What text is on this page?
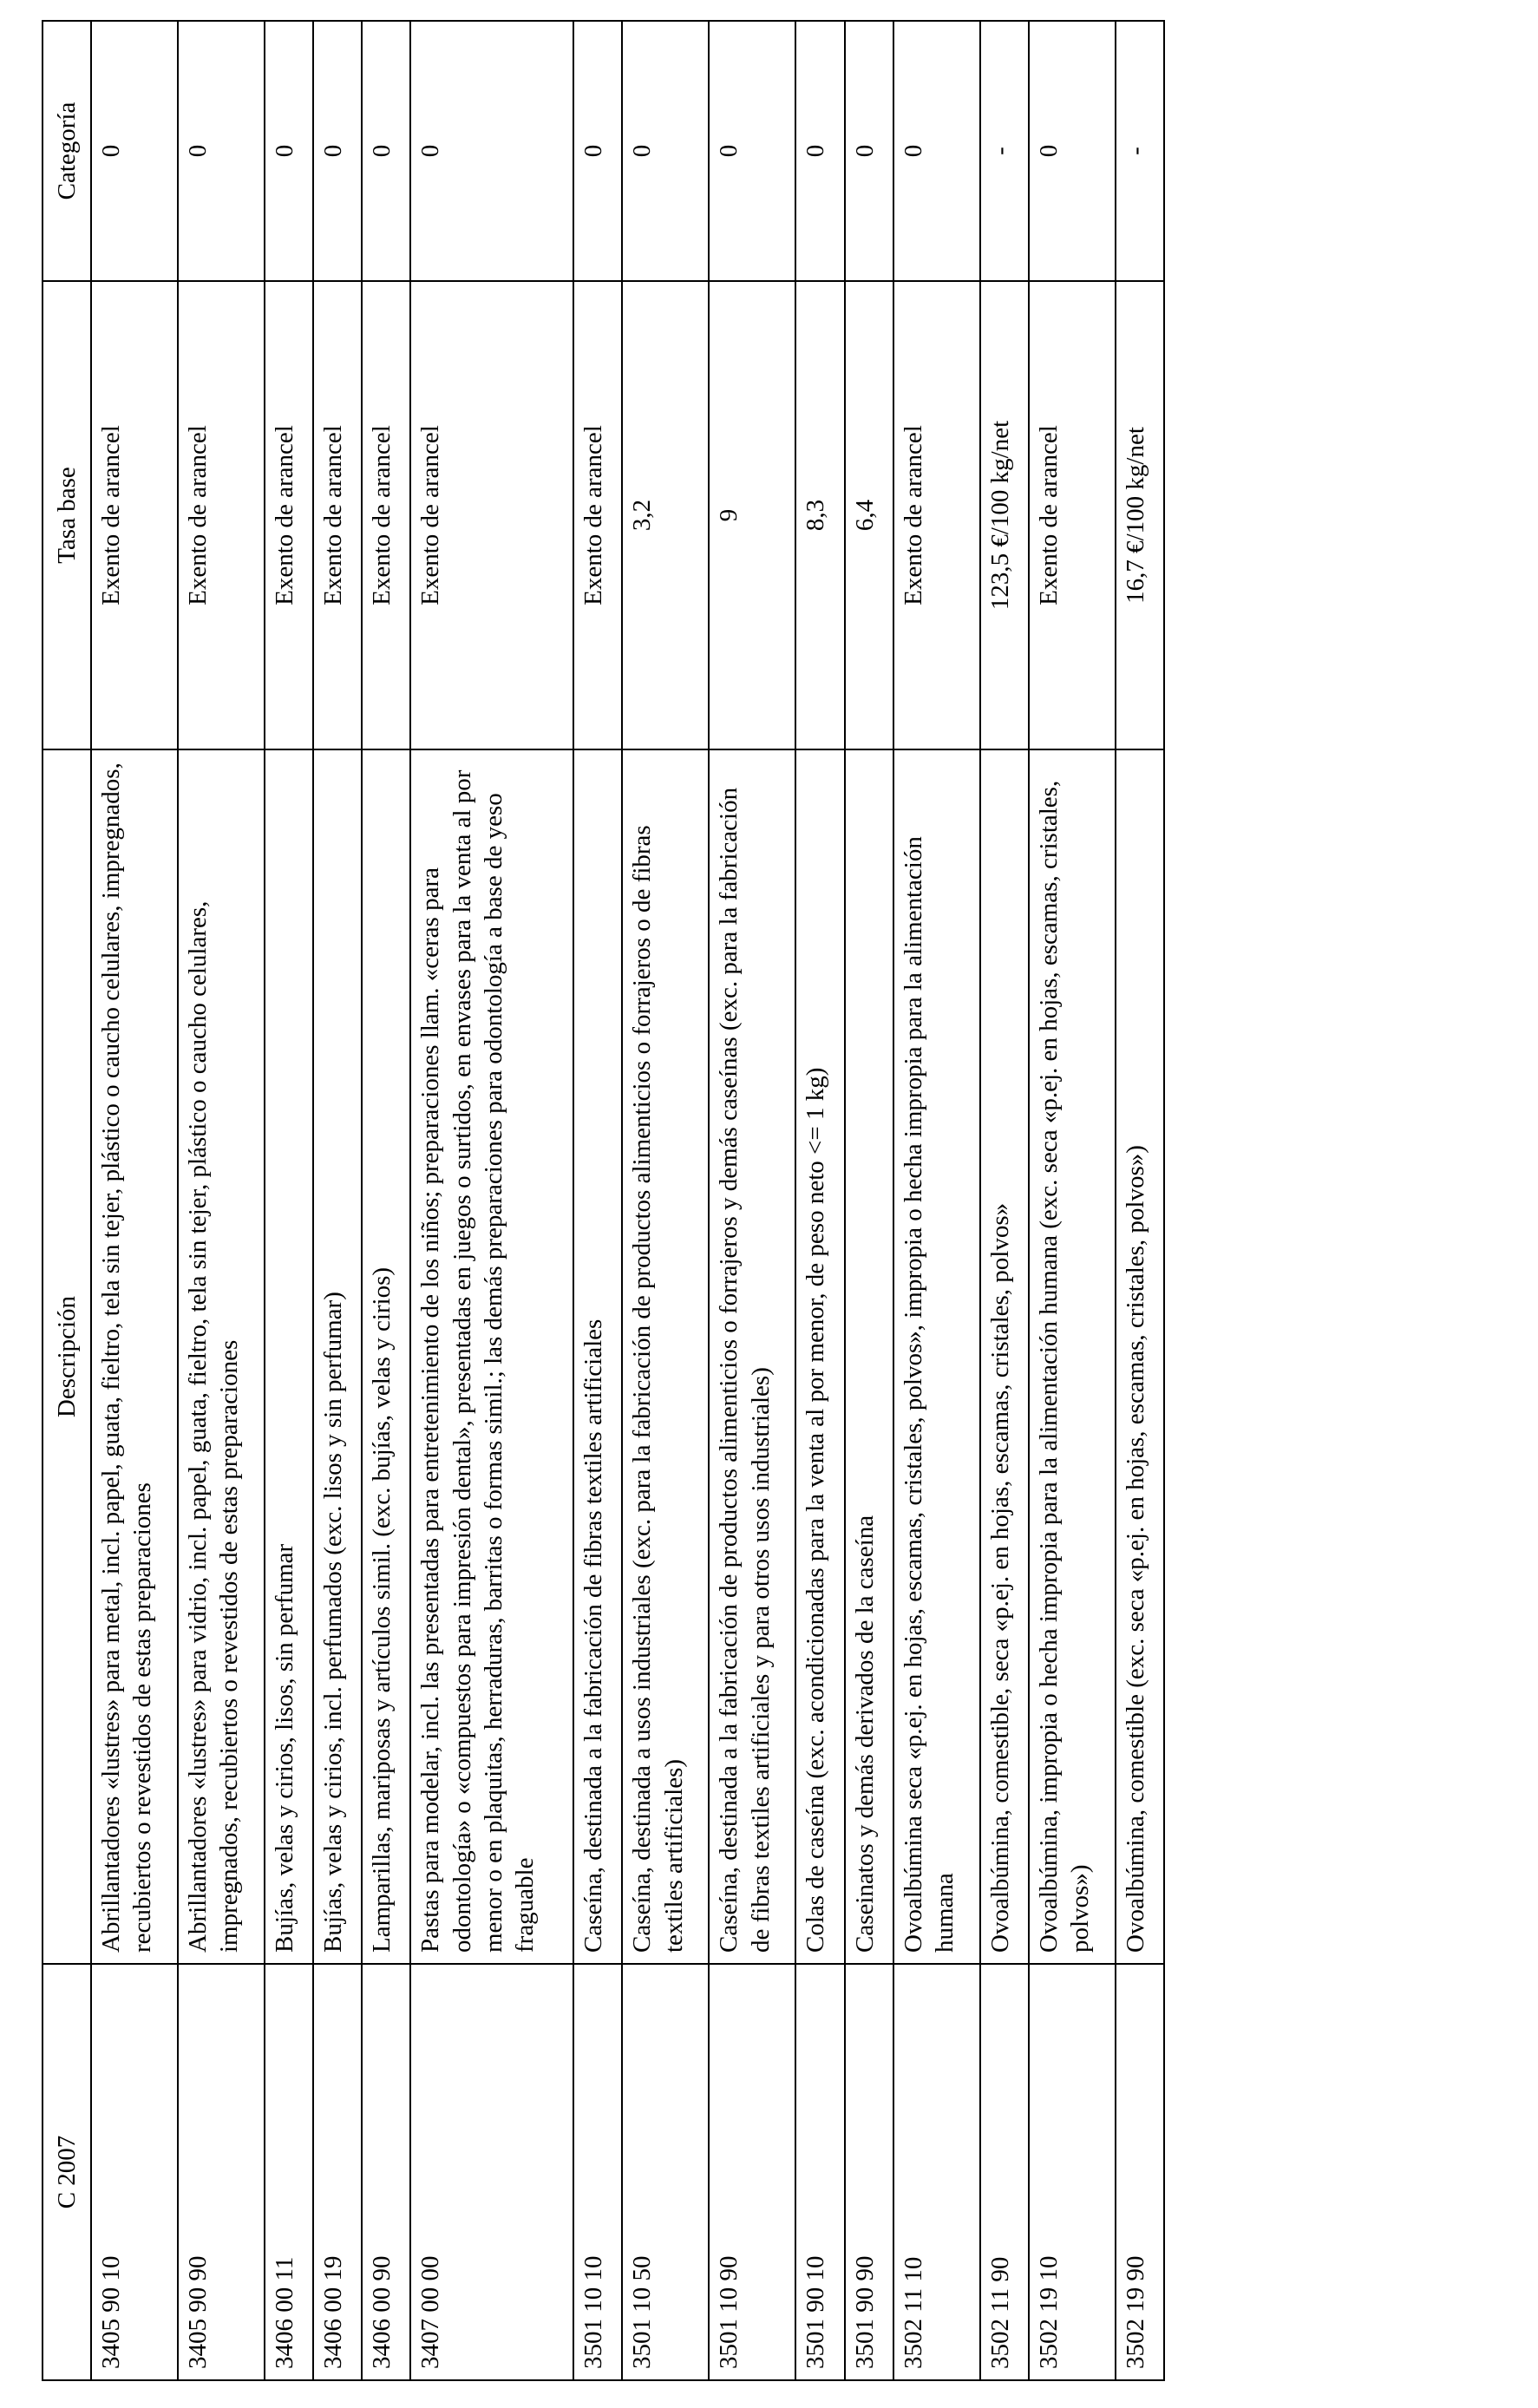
C 2007	Descripción	Tasa base	Categoría
3405 90 10	Abrillantadores «lustres» para metal, incl. papel, guata, fieltro, tela sin tejer, plástico o caucho celulares, impregnados, recubiertos o revestidos de estas preparaciones	Exento de arancel	0
3405 90 90	Abrillantadores «lustres» para vidrio, incl. papel, guata, fieltro, tela sin tejer, plástico o caucho celulares, impregnados, recubiertos o revestidos de estas preparaciones	Exento de arancel	0
3406 00 11	Bujías, velas y cirios, lisos, sin perfumar	Exento de arancel	0
3406 00 19	Bujías, velas y cirios, incl. perfumados (exc. lisos y sin perfumar)	Exento de arancel	0
3406 00 90	Lamparillas, mariposas y artículos simil. (exc. bujías, velas y cirios)	Exento de arancel	0
3407 00 00	Pastas para modelar, incl. las presentadas para entretenimiento de los niños; preparaciones llam. «ceras para odontología» o «compuestos para impresión dental», presentadas en juegos o surtidos, en envases para la venta al por menor o en plaquitas, herraduras, barritas o formas simil.; las demás preparaciones para odontología a base de yeso fraguable	Exento de arancel	0
3501 10 10	Caseína, destinada a la fabricación de fibras textiles artificiales	Exento de arancel	0
3501 10 50	Caseína, destinada a usos industriales (exc. para la fabricación de productos alimenticios o forrajeros o de fibras textiles artificiales)	3,2	0
3501 10 90	Caseína, destinada a la fabricación de productos alimenticios o forrajeros y demás caseínas (exc. para la fabricación de fibras textiles artificiales y para otros usos industriales)	9	0
3501 90 10	Colas de caseína (exc. acondicionadas para la venta al por menor, de peso neto <= 1 kg)	8,3	0
3501 90 90	Caseinatos y demás derivados de la caseína	6,4	0
3502 11 10	Ovoalbúmina seca «p.ej. en hojas, escamas, cristales, polvos», impropia o hecha impropia para la alimentación humana	Exento de arancel	0
3502 11 90	Ovoalbúmina, comestible, seca «p.ej. en hojas, escamas, cristales, polvos»	123,5 €/100 kg/net	-
3502 19 10	Ovoalbúmina, impropia o hecha impropia para la alimentación humana (exc. seca «p.ej. en hojas, escamas, cristales, polvos»)	Exento de arancel	0
3502 19 90	Ovoalbúmina, comestible (exc. seca «p.ej. en hojas, escamas, cristales, polvos»)	16,7 €/100 kg/net	-
